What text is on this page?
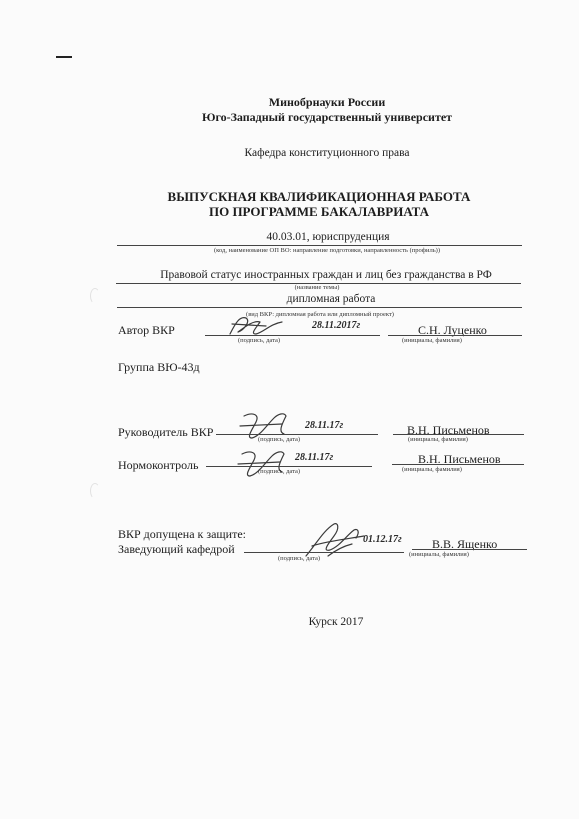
Минобрнауки России
Юго-Западный государственный университет
Кафедра конституционного права
ВЫПУСКНАЯ КВАЛИФИКАЦИОННАЯ РАБОТА
ПО ПРОГРАММЕ БАКАЛАВРИАТА
40.03.01, юриспруденция
(код, наименование ОП ВО: направление подготовки, направленность (профиль))
Правовой статус иностранных граждан и лиц без гражданства в РФ
(название темы)
дипломная работа
(вид ВКР: дипломная работа или дипломный проект)
Автор ВКР	28.11.2017г
(подпись, дата)
С.Н. Луценко
(инициалы, фамилия)
Группа ВЮ-43д
Руководитель ВКР	28.11.17г
(подпись, дата)
В.Н. Письменов
(инициалы, фамилия)
Нормоконтроль
28.11.17г
(подпись, дата)
В.Н. Письменов
(инициалы, фамилия)
ВКР допущена к защите:
Заведующий кафедрой
01.12.17г
(подпись, дата)
В.В. Ященко
(инициалы, фамилия)
Курск 2017
